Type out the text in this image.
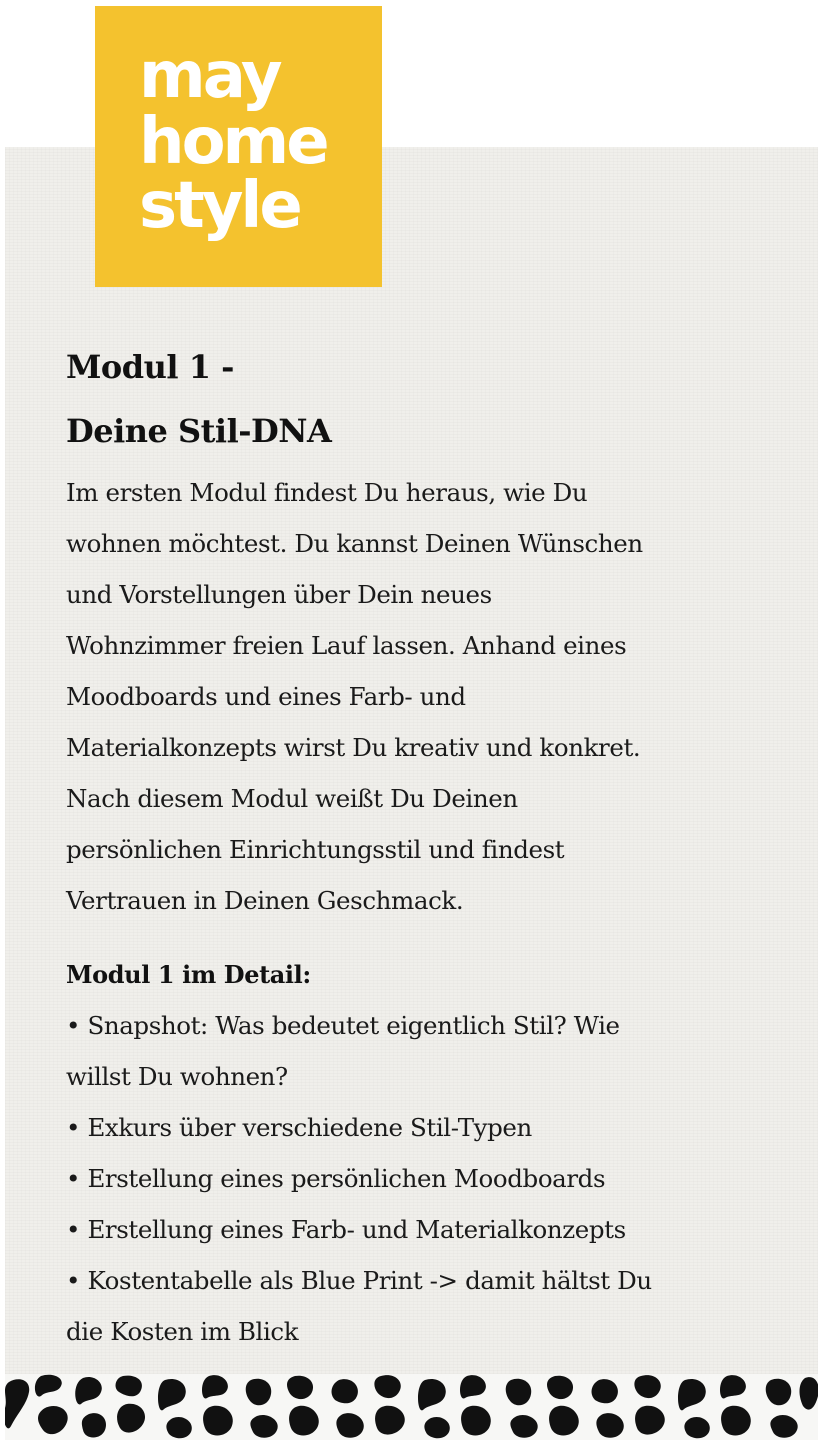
may
home
style
Modul 1 -
Deine Stil-DNA

Im ersten Modul findest Du heraus, wie Du
wohnen möchtest. Du kannst Deinen Wünschen
und Vorstellungen über Dein neues
Wohnzimmer freien Lauf lassen. Anhand eines
Moodboards und eines Farb- und
Materialkonzepts wirst Du kreativ und konkret.
Nach diesem Modul weißt Du Deinen
persönlichen Einrichtungsstil und findest
Vertrauen in Deinen Geschmack.

Modul 1 im Detail:
• Snapshot: Was bedeutet eigentlich Stil? Wie
willst Du wohnen?
• Exkurs über verschiedene Stil-Typen
• Erstellung eines persönlichen Moodboards
• Erstellung eines Farb- und Materialkonzepts
• Kostentabelle als Blue Print -> damit hältst Du
die Kosten im Blick
